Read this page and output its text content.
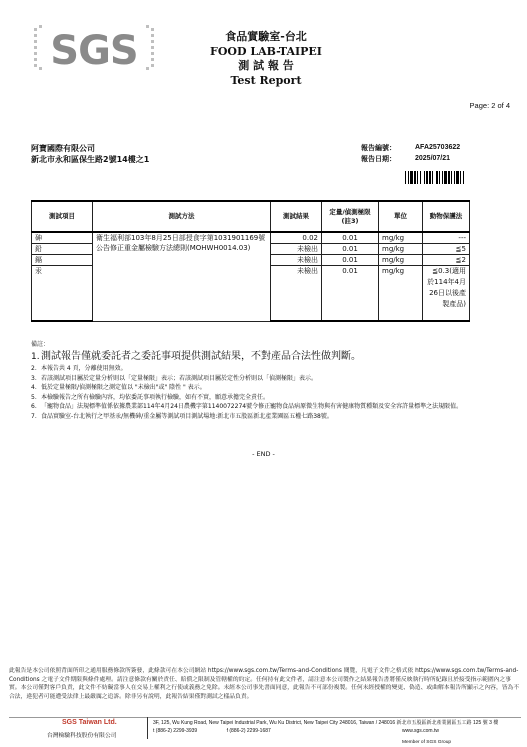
SGS	食品實驗室-台北
FOOD LAB-TAIPEI
測 試 報 告
Test Report
Page: 2 of 4
阿寶國際有限公司
新北市永和區保生路2號14樓之1
報告編號：	AFA25703622
報告日期：	2025/07/21
測試項目	測試方法	測試結果	定量/偵測極限(註3)	單位	動物保護法
砷	衛生福利部103年8月25日部授食字第1031901169號公告修正重金屬檢驗方法總則(MOHWH0014.03)	0.02	0.01	mg/kg	---
鉛		未檢出	0.01	mg/kg	≦5
鎘		未檢出	0.01	mg/kg	≦2
汞		未檢出	0.01	mg/kg	≦0.3(適用於114年4月26日以後產製產品)
備註：
1. 測試報告僅就委託者之委託事項提供測試結果，不對產品合法性做判斷。
2. 本報告共 4 頁，分離使用無效。
3. 若該測試項目屬於定量分析則以「定量極限」表示；若該測試項目屬於定性分析則以「偵測極限」表示。
4. 低於定量極限/偵測極限之測定值以 "未檢出"或" 陰性 " 表示。
5. 本檢驗報告之所有檢驗內容，均依委託事項執行檢驗，如有不實，願意承擔完全責任。
6. 「寵物食品」法規標準值係依據農業部114年4月24日農機字第1140072274號令修正寵物食品病原微生物與有害健康物質種類及安全容許量標準之法規限值。
7. 食品實驗室-台北執行之甲基汞/無機砷/重金屬等測試項目測試場地:新北市五股區新北產業園區五權七路38號。
- END -
此報告是本公司依照背面所印之通用服務條款所簽發，此條款可在本公司網站 https://www.sgs.com.tw/Terms-and-Conditions 閱覽，凡電子文件之格式依 https://www.sgs.com.tw/Terms-and-Conditions 之電子文件期限與條件處理。請注意條款有關於責任、賠償之限制及管轄權的約定。任何持有此文件者，請注意本公司製作之結果報告書將僅反映執行時所紀錄且於接受指示範圍內之事實。本公司僅對客戶負責，此文件不妨礙當事人在交易上權利之行使或義務之免除。未經本公司事先書面同意，此報告不可部份複製。任何未經授權的變更、偽造、或曲解本報告所顯示之內容，皆為不合法，違犯者可能遭受法律上最嚴厲之追訴。除非另有說明，此報告結果僅對測試之樣品負責。
SGS Taiwan Ltd.
台灣檢驗科技股份有限公司
3F, 125, Wu Kung Road, New Taipei Industrial Park, Wu Ku District, New Taipei City 248016, Taiwan / 248016 新北市五股區新北產業園區五工路 125 號 3 樓
t (886-2) 2299-3939	f (886-2) 2299-1687	www.sgs.com.tw
Member of SGS Group
